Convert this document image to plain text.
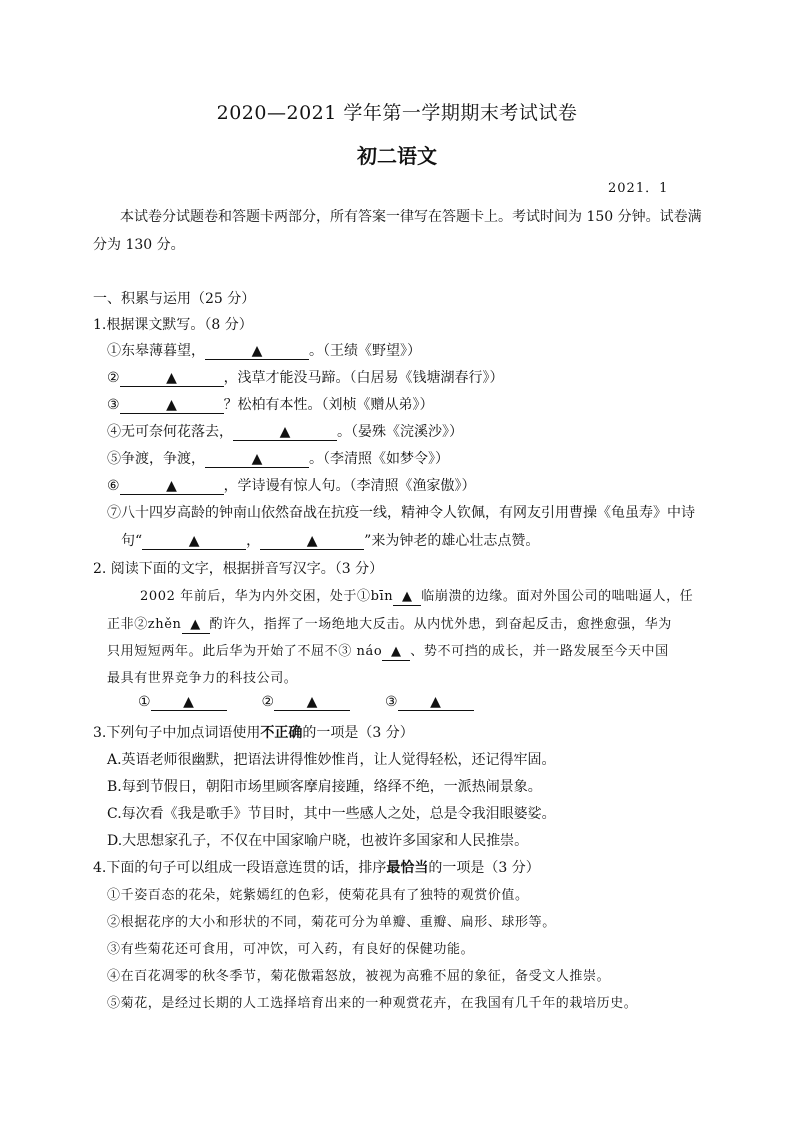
2020—2021 学年第一学期期末考试试卷
初二语文
2021．1
本试卷分试题卷和答题卡两部分，所有答案一律写在答题卡上。考试时间为 150 分钟。试卷满
分为 130 分。
一、积累与运用（25 分）
1.根据课文默写。（8 分）
①东皋薄暮望，	▲	。（王绩《野望》）
②	▲	，浅草才能没马蹄。（白居易《钱塘湖春行》）
③	▲	？松柏有本性。（刘桢《赠从弟》）
④无可奈何花落去，	▲	。（晏殊《浣溪沙》）
⑤争渡，争渡，	▲	。（李清照《如梦令》）
⑥	▲	，学诗谩有惊人句。（李清照《渔家傲》）
⑦八十四岁高龄的钟南山依然奋战在抗疫一线，精神令人钦佩，有网友引用曹操《龟虽寿》中诗
句“	▲	，	▲	”来为钟老的雄心壮志点赞。
2. 阅读下面的文字，根据拼音写汉字。（3 分）
2002 年前后，华为内外交困，处于①bīn ▲ 临崩溃的边缘。面对外国公司的咄咄逼人，任
正非②zhěn ▲ 酌许久，指挥了一场绝地大反击。从内忧外患，到奋起反击，愈挫愈强，华为
只用短短两年。此后华为开始了不屈不③ náo ▲ 、势不可挡的成长，并一路发展至今天中国
最具有世界竞争力的科技公司。
① ▲	② ▲	③ ▲
3.下列句子中加点词语使用不正确的一项是（3 分）
A.英语老师很幽默，把语法讲得惟妙惟肖，让人觉得轻松，还记得牢固。
B.每到节假日，朝阳市场里顾客摩肩接踵，络绎不绝，一派热闹景象。
C.每次看《我是歌手》节目时，其中一些感人之处，总是令我泪眼婆娑。
D.大思想家孔子，不仅在中国家喻户晓，也被许多国家和人民推崇。
4.下面的句子可以组成一段语意连贯的话，排序最恰当的一项是（3 分）
①千姿百态的花朵，姹紫嫣红的色彩，使菊花具有了独特的观赏价值。
②根据花序的大小和形状的不同，菊花可分为单瓣、重瓣、扁形、球形等。
③有些菊花还可食用，可冲饮，可入药，有良好的保健功能。
④在百花凋零的秋冬季节，菊花傲霜怒放，被视为高雅不屈的象征，备受文人推崇。
⑤菊花，是经过长期的人工选择培育出来的一种观赏花卉，在我国有几千年的栽培历史。
